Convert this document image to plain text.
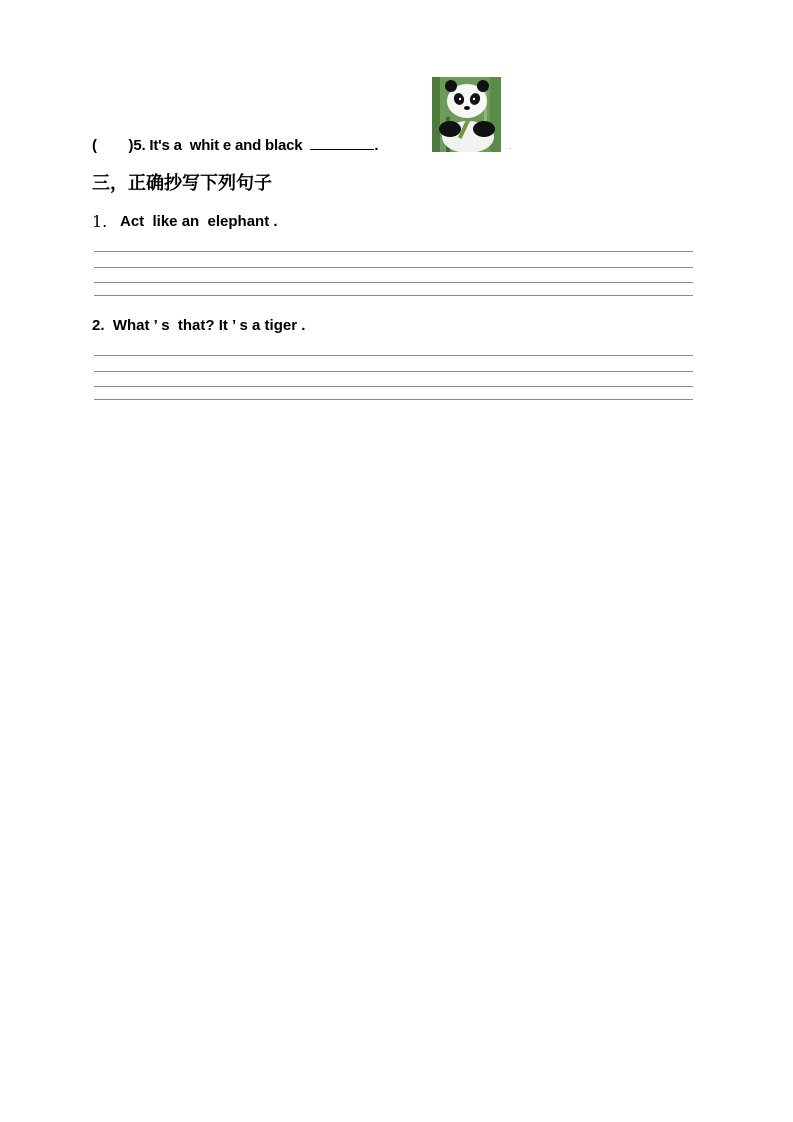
( )5. It's a  whit e and black	.	.
三，正确抄写下列句子
1. Act  like an  elephant .
2. What ’ s  that? It ’ s a tiger .
